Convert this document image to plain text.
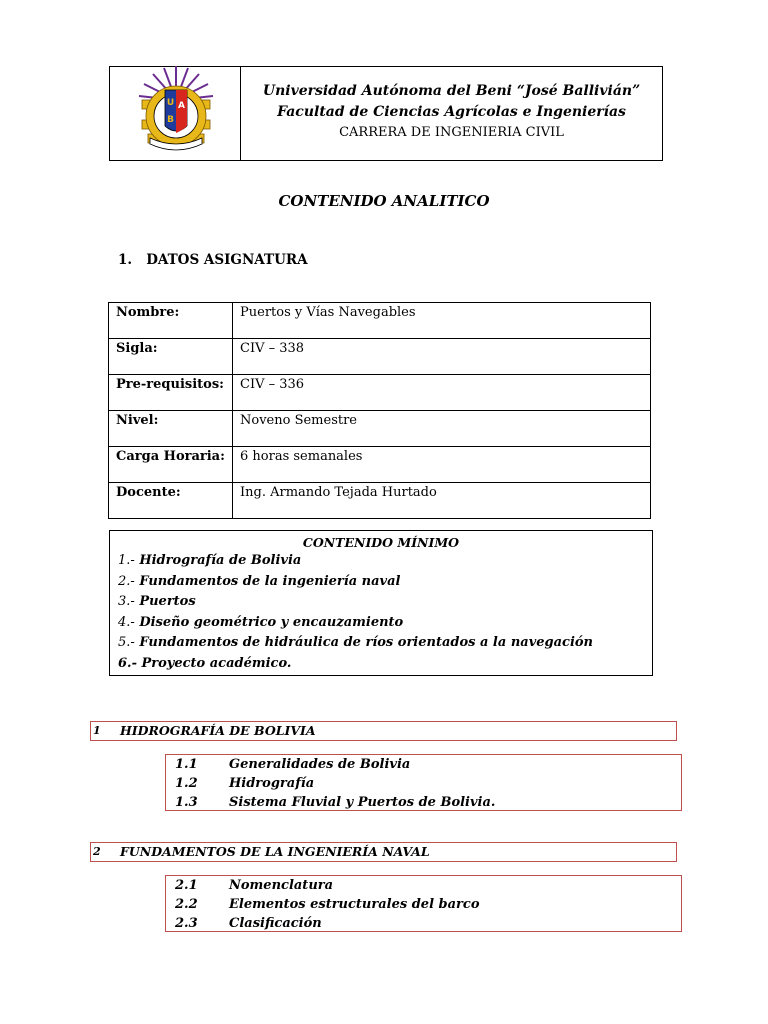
U A
B
Universidad Autónoma del Beni “José Ballivián”
Facultad de Ciencias Agrícolas e Ingenierías
CARRERA DE INGENIERIA CIVIL
CONTENIDO ANALITICO
1.   DATOS ASIGNATURA
Nombre:	Puertos y Vías Navegables
Sigla:	CIV – 338
Pre-requisitos:	CIV – 336
Nivel:	Noveno Semestre
Carga Horaria:	6 horas semanales
Docente:	Ing. Armando Tejada Hurtado
CONTENIDO MÍNIMO
1.- Hidrografía de Bolivia
2.- Fundamentos de la ingeniería naval
3.- Puertos
4.- Diseño geométrico y encauzamiento
5.- Fundamentos de hidráulica de ríos orientados a la navegación
6.- Proyecto académico.
1 HIDROGRAFÍA DE BOLIVIA
1.1 Generalidades de Bolivia
1.2 Hidrografía
1.3 Sistema Fluvial y Puertos de Bolivia.
2 FUNDAMENTOS DE LA INGENIERÍA NAVAL
2.1 Nomenclatura
2.2 Elementos estructurales del barco
2.3 Clasificación
